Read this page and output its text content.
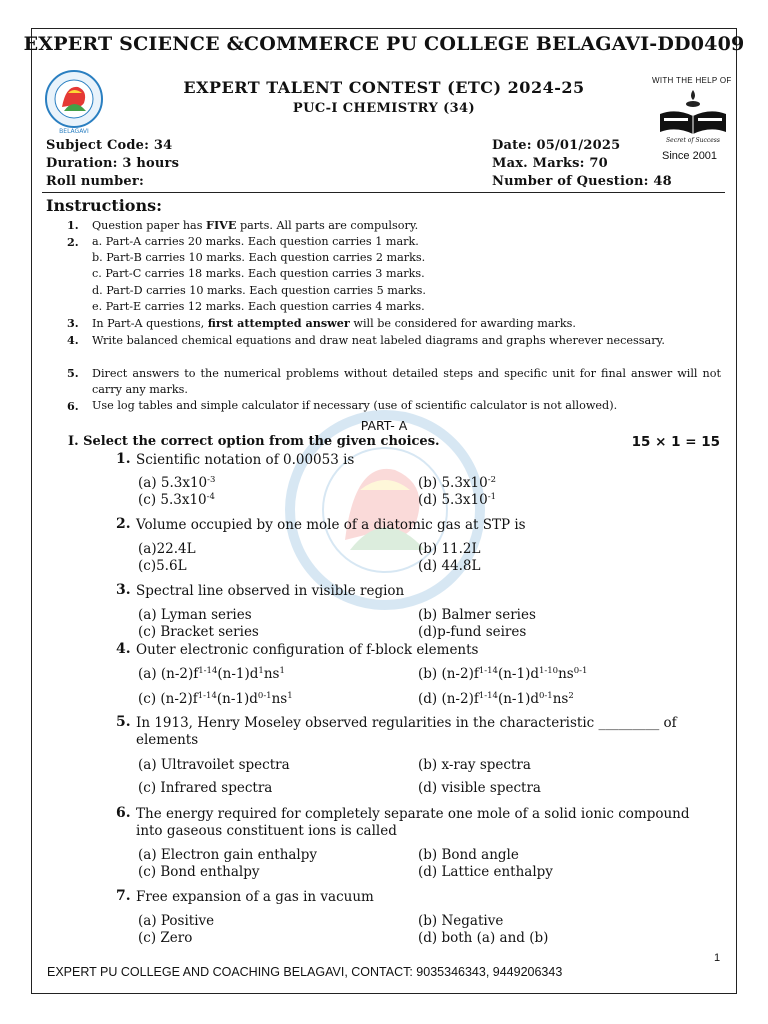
EXPERT SCIENCE &COMMERCE PU COLLEGE BELAGAVI-DD0409
BELAGAVI
EXPERT TALENT CONTEST (ETC) 2024-25
PUC-I CHEMISTRY (34)
WITH THE HELP OF
Secret of Success
Since 2001
Subject Code: 34
Duration: 3 hours
Roll number:
Date: 05/01/2025
Max. Marks: 70
Number of Question: 48
Instructions:
1. Question paper has FIVE parts. All parts are compulsory.
2. a. Part-A carries 20 marks. Each question carries 1 mark.
b. Part-B carries 10 marks. Each question carries 2 marks.
c. Part-C carries 18 marks. Each question carries 3 marks.
d. Part-D carries 10 marks. Each question carries 5 marks.
e. Part-E carries 12 marks. Each question carries 4 marks.
3. In Part-A questions, first attempted answer will be considered for awarding marks.
4. Write balanced chemical equations and draw neat labeled diagrams and graphs wherever necessary.
5. Direct answers to the numerical problems without detailed steps and specific unit for final answer will not carry any marks.
6. Use log tables and simple calculator if necessary (use of scientific calculator is not allowed).
PART- A
I. Select the correct option from the given choices.	15 × 1 = 15
1. Scientific notation of 0.00053 is
(a) $5.3x10^{-3}$	(b) $5.3x10^{-2}$
(c) $5.3x10^{-4}$	(d) $5.3x10^{-1}$
2. Volume occupied by one mole of a diatomic gas at STP is
(a)22.4L	(b) 11.2L
(c)5.6L	(d) 44.8L
3. Spectral line observed in visible region
(a) Lyman series	(b) Balmer series
(c) Bracket series	(d)p-fund seires
4. Outer electronic configuration of f-block elements
(a) $(n-2)f^{1-14}(n-1)d^1ns^1$	(b) $(n-2)f^{1-14}(n-1)d^{1-10}ns^{0-1}$
(c) $(n-2)f^{1-14}(n-1)d^{0-1}ns^1$	(d) $(n-2)f^{1-14}(n-1)d^{0-1}ns^2$
5. In 1913, Henry Moseley observed regularities in the characteristic _________ of elements
(a) Ultravoilet spectra	(b) x-ray spectra
(c) Infrared spectra	(d) visible spectra
6. The energy required for completely separate one mole of a solid ionic compound into gaseous constituent ions is called
(a) Electron gain enthalpy	(b) Bond angle
(c) Bond enthalpy	(d) Lattice enthalpy
7. Free expansion of a gas in vacuum
(a) Positive	(b) Negative
(c) Zero	(d) both (a) and (b)
1
EXPERT PU COLLEGE AND COACHING BELAGAVI, CONTACT: 9035346343, 9449206343
